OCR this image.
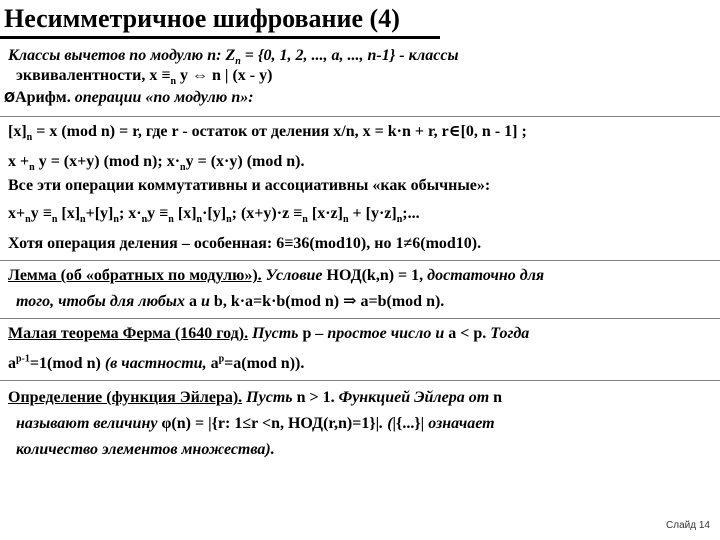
Несимметричное шифрование (4)
Классы вычетов по модулю n: $Z_n = \{0$, 1, 2, ..., a, ..., n-1} - классы
эквивалентности, $x \equiv_n$ y ⇔ n | (x - y)
ØАрифм. операции «по модулю n»:
$[x]_n = x$ (mod n) = r, где r - остаток от деления x/n, x = k·n + r, r∈[0, n - 1] ;
$x +_n$ y = (x+y) (mod n); $x\cdot_ny = (x\cdot y)$ (mod n).
Все эти операции коммутативны и ассоциативны «как обычные»:
$x+_ny \equiv_n$ $[x]_n+[y]_n$; $x\cdot_ny \equiv_n$ $[x]_n\cdot[y]_n$; $(x+y)\cdot z \equiv_n$ $[x\cdot z]_n + [y\cdot z]_n$;...
Хотя операция деления – особенная: 6≡36(mod10), но 1≠6(mod10).
Лемма (об «обратных по модулю»). Условие НОД(k,n) = 1, достаточно для
того, чтобы для любых a и b, k·a=k·b(mod n) ⇒ a=b(mod n).
Малая теорема Ферма (1640 год). Пусть p – простое число и a < p. Тогда
$a^{p-1}=1(mod$ n) (в частности, $a^p=a(mod$ n)).
Определение (функция Эйлера). Пусть n > 1. Функцией Эйлера от n
называют величину φ(n) = |{r: 1≤r <n, НОД(r,n)=1}|. (|{...}| означает
количество элементов множества).
Слайд 14
